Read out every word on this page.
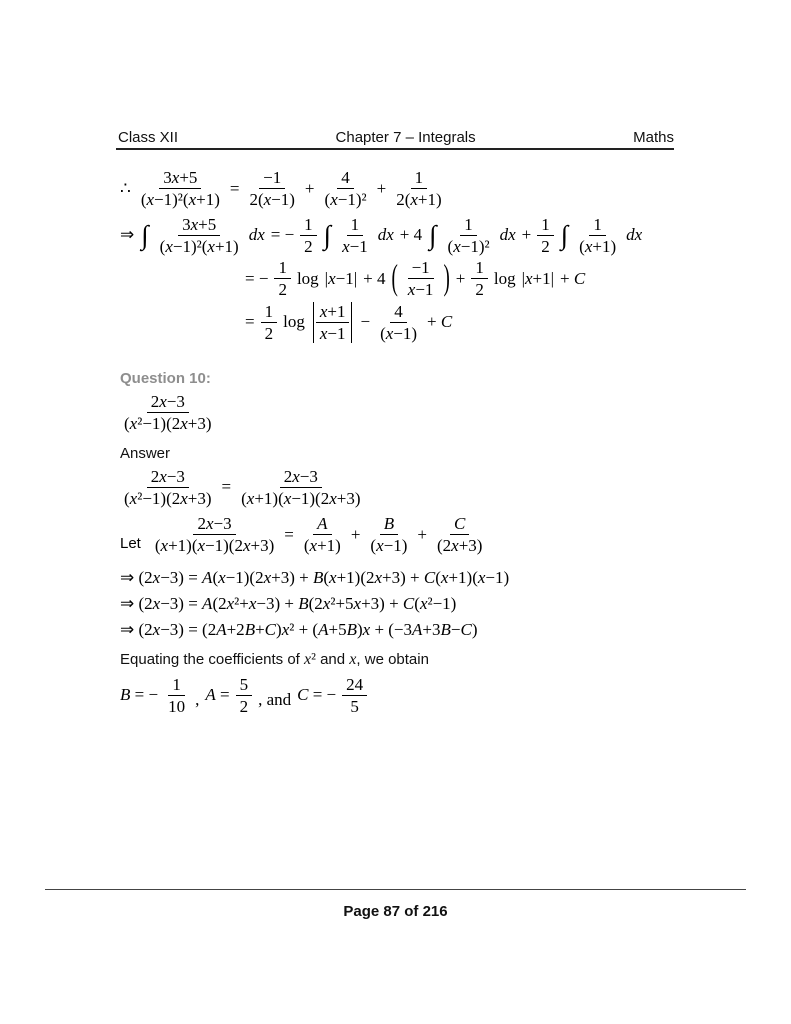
Class XII	Chapter 7 – Integrals	Maths
∴ $\frac{3x+5}{\text{(x−1)²(x+1)}} = \frac{-1}{2(x-1)} + \frac{4}{\text{(x−1)²}} + \frac{1}{2(x+1)}$
⇒ ∫ $\frac{3x+5}{\text{(x−1)²(x+1)}}$ dx = − $\frac{1}{2}$ ∫ $\frac{1}{x-1}$ dx + 4 ∫ $\frac{1}{\text{(x−1)²}}$ dx + $\frac{1}{2}$ ∫ $\frac{1}{(x+1)}$ dx
= − $\frac{1}{2}$ log |x−1| + 4 ( $\frac{-1}{x-1}$ ) + $\frac{1}{2}$ log |x+1| + C
= $\frac{1}{2}$ $\log \frac{x+1}{x-1} - \frac{4}{(x-1)} + C$
Question 10:
$\frac{2x-3}{\text{(x²−1)(2x+3)}}$
Answer
$\frac{2x-3}{\text{(x²−1)(2x+3)}} = \frac{2x-3}{(x+1)(x-1)(2x+3)}$
Let $\frac{2x-3}{(x+1)(x-1)(2x+3)} = \frac{A}{(x+1)} + \frac{B}{(x-1)} + \frac{C}{(2x+3)}$
⇒ (2x−3) = A(x−1)(2x+3) + B(x+1)(2x+3) + C(x+1)(x−1)
⇒ (2x−3) = A(2x²+x−3) + B(2x²+5x+3) + C(x²−1)
⇒ (2x−3) = (2A+2B+C)x² + (A+5B)x + (−3A+3B−C)
Equating the coefficients of x² and x, we obtain
B = − $\frac{1}{10}$ , $A = \frac{5}{2}$ , and C = − $\frac{24}{5}$
Page 87 of 216
